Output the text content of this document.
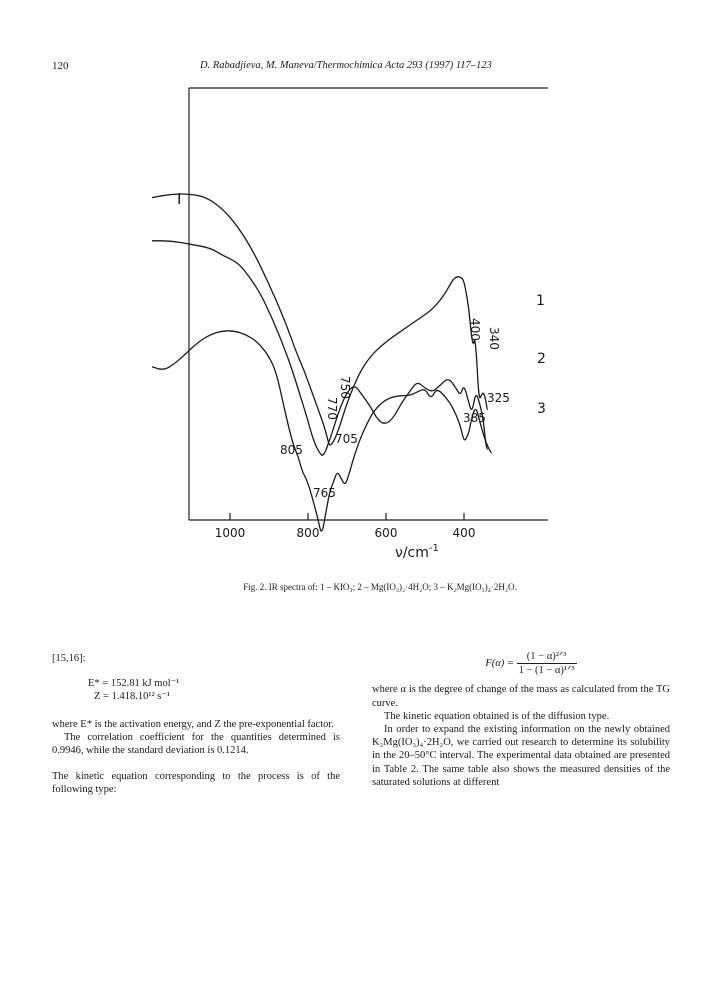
120	D. Rabadjieva, M. Maneva/Thermochimica Acta 293 (1997) 117–123
I
1000	800	600	400
750
770
400 340
805
705
765
325
385
1
2
3
$\nu/cm^{-1}$
Fig. 2. IR spectra of: 1 – KIO₃; 2 – Mg(IO₃)₂·4H₂O; 3 – K₂Mg(IO₃)₄·2H₂O.

[15,16]:

E* = 152.81 kJ mol⁻¹

Z = 1.418.10¹² s⁻¹

where E* is the activation energy, and Z the pre-exponential factor.

The correlation coefficient for the quantities determined is 0.9946, while the standard deviation is 0.1214.

The kinetic equation corresponding to the process is of the following type:

$F(\alpha) = \frac{\text{(1 − α)²ᐟ³}}{\text{1 − (1 − α)¹ᐟ³}}$

where α is the degree of change of the mass as calculated from the TG curve.

The kinetic equation obtained is of the diffusion type.

In order to expand the existing information on the newly obtained K₂Mg(IO₃)₄·2H₂O, we carried out research to determine its solubility in the 20–50°C interval. The experimental data obtained are presented in Table 2. The same table also shows the measured densities of the saturated solutions at different
